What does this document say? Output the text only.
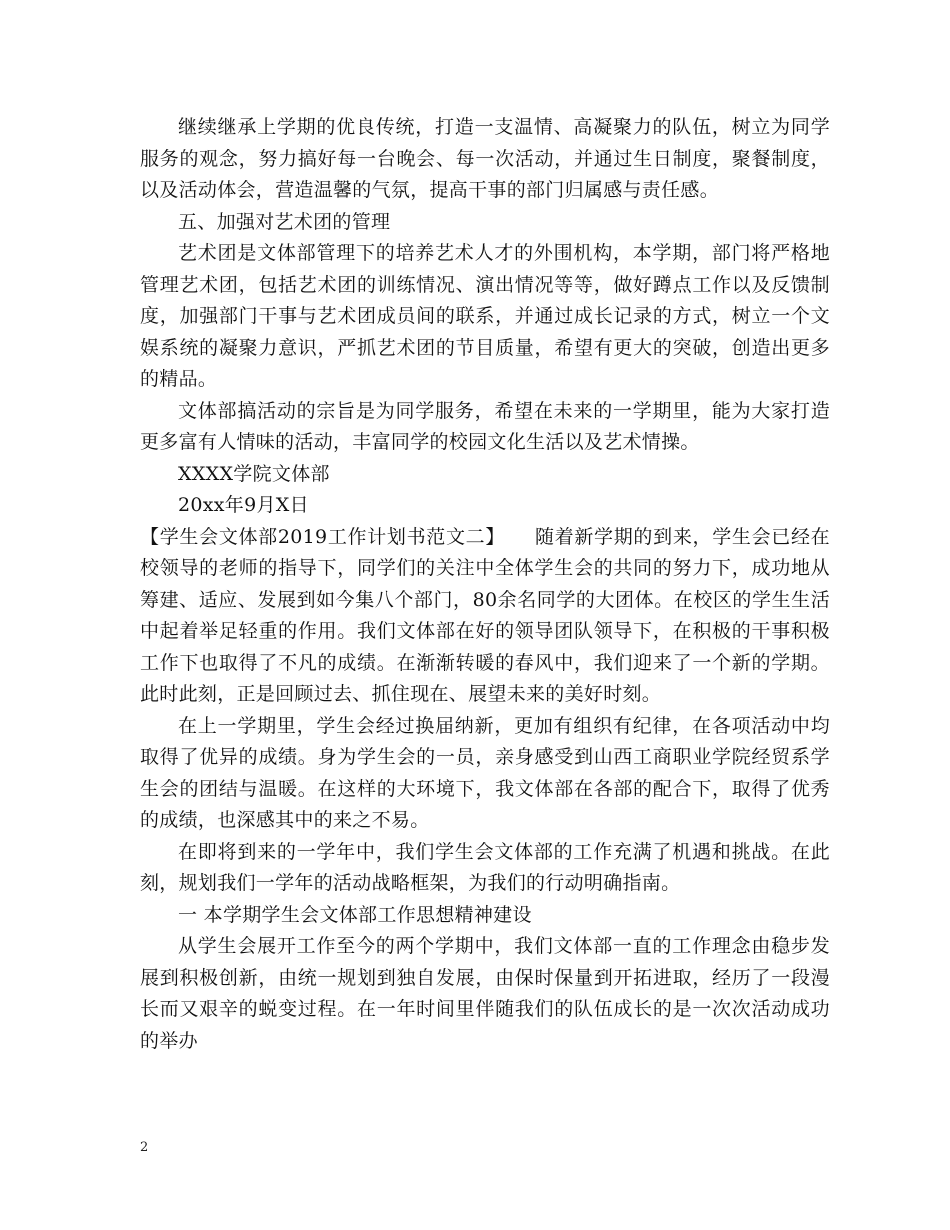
继续继承上学期的优良传统，打造一支温情、高凝聚力的队伍，树立为同学服务的观念，努力搞好每一台晚会、每一次活动，并通过生日制度，聚餐制度，以及活动体会，营造温馨的气氛，提高干事的部门归属感与责任感。

五、加强对艺术团的管理

艺术团是文体部管理下的培养艺术人才的外围机构，本学期，部门将严格地管理艺术团，包括艺术团的训练情况、演出情况等等，做好蹲点工作以及反馈制度，加强部门干事与艺术团成员间的联系，并通过成长记录的方式，树立一个文娱系统的凝聚力意识，严抓艺术团的节目质量，希望有更大的突破，创造出更多的精品。

文体部搞活动的宗旨是为同学服务，希望在未来的一学期里，能为大家打造更多富有人情味的活动，丰富同学的校园文化生活以及艺术情操。

XXXX学院文体部

20xx年9月X日

【学生会文体部2019工作计划书范文二】　　随着新学期的到来，学生会已经在校领导的老师的指导下，同学们的关注中全体学生会的共同的努力下，成功地从筹建、适应、发展到如今集八个部门，80余名同学的大团体。在校区的学生生活中起着举足轻重的作用。我们文体部在好的领导团队领导下，在积极的干事积极工作下也取得了不凡的成绩。在渐渐转暖的春风中，我们迎来了一个新的学期。此时此刻，正是回顾过去、抓住现在、展望未来的美好时刻。

在上一学期里，学生会经过换届纳新，更加有组织有纪律，在各项活动中均取得了优异的成绩。身为学生会的一员，亲身感受到山西工商职业学院经贸系学生会的团结与温暖。在这样的大环境下，我文体部在各部的配合下，取得了优秀的成绩，也深感其中的来之不易。

在即将到来的一学年中，我们学生会文体部的工作充满了机遇和挑战。在此刻，规划我们一学年的活动战略框架，为我们的行动明确指南。

一 本学期学生会文体部工作思想精神建设

从学生会展开工作至今的两个学期中，我们文体部一直的工作理念由稳步发展到积极创新，由统一规划到独自发展，由保时保量到开拓进取，经历了一段漫长而又艰辛的蜕变过程。在一年时间里伴随我们的队伍成长的是一次次活动成功的举办

2
